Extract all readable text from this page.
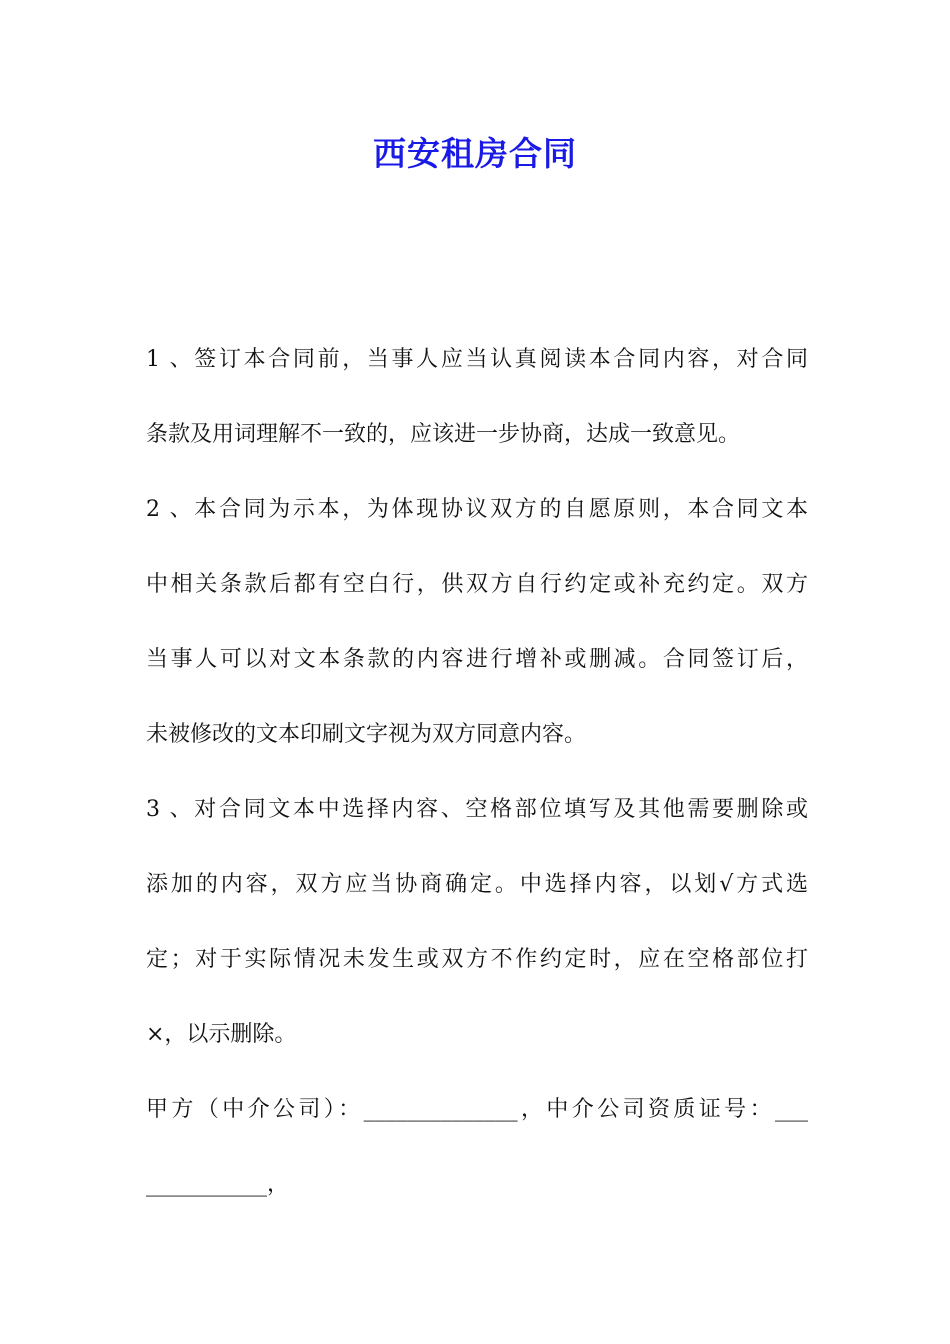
西安租房合同
1 、签订本合同前，当事人应当认真阅读本合同内容，对合同
条款及用词理解不一致的，应该进一步协商，达成一致意见。
2 、本合同为示本，为体现协议双方的自愿原则，本合同文本
中相关条款后都有空白行，供双方自行约定或补充约定。双方
当事人可以对文本条款的内容进行增补或删减。合同签订后，
未被修改的文本印刷文字视为双方同意内容。
3 、对合同文本中选择内容、空格部位填写及其他需要删除或
添加的内容，双方应当协商确定。中选择内容，以划√方式选
定；对于实际情况未发生或双方不作约定时，应在空格部位打
×，以示删除。
甲方（中介公司）：______________，中介公司资质证号：___
___________，
